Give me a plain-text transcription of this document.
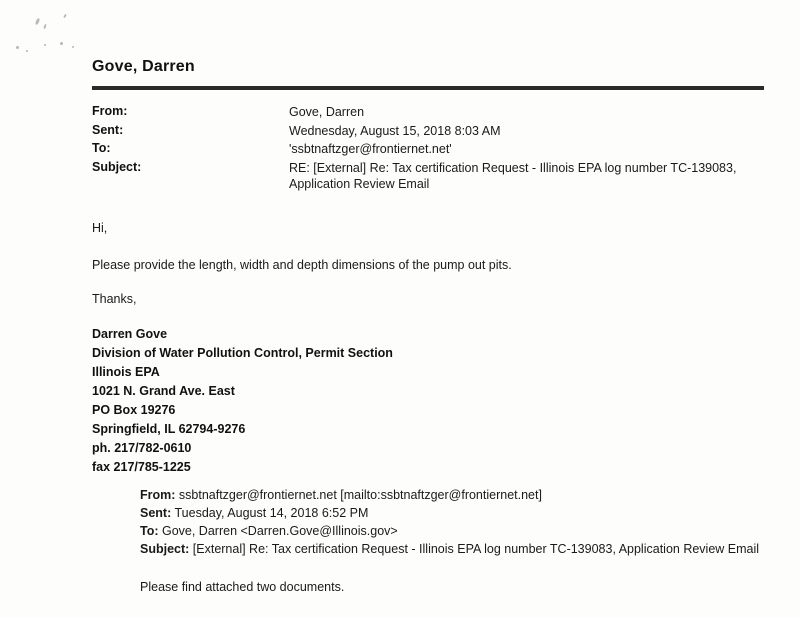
Gove, Darren
From:	Gove, Darren
Sent:	Wednesday, August 15, 2018 8:03 AM
To:	'ssbtnaftzger@frontiernet.net'
Subject:	RE: [External] Re: Tax certification Request - Illinois EPA log number TC-139083, Application Review Email
Hi,
Please provide the length, width and depth dimensions of the pump out pits.
Thanks,
Darren Gove
Division of Water Pollution Control, Permit Section
Illinois EPA
1021 N. Grand Ave. East
PO Box 19276
Springfield, IL 62794-9276
ph. 217/782-0610
fax 217/785-1225
From: ssbtnaftzger@frontiernet.net [mailto:ssbtnaftzger@frontiernet.net]
Sent: Tuesday, August 14, 2018 6:52 PM
To: Gove, Darren <Darren.Gove@Illinois.gov>
Subject: [External] Re: Tax certification Request - Illinois EPA log number TC-139083, Application Review Email
Please find attached two documents.
